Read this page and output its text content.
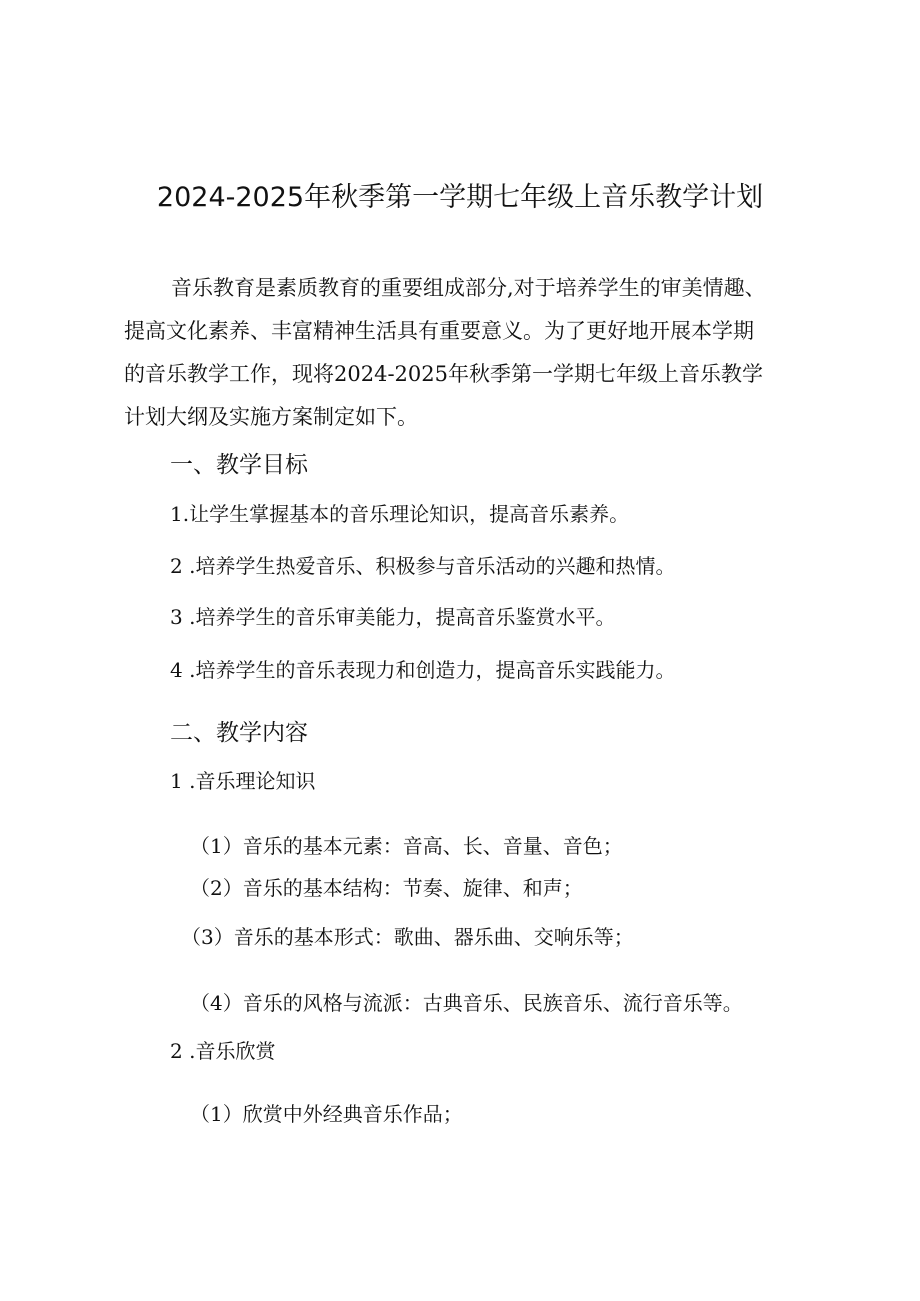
2024-2025年秋季第一学期七年级上音乐教学计划
音乐教育是素质教育的重要组成部分,对于培养学生的审美情趣、
提高文化素养、丰富精神生活具有重要意义。为了更好地开展本学期
的音乐教学工作，现将2024-2025年秋季第一学期七年级上音乐教学
计划大纲及实施方案制定如下。
一、教学目标
1.让学生掌握基本的音乐理论知识，提高音乐素养。
2 .培养学生热爱音乐、积极参与音乐活动的兴趣和热情。
3 .培养学生的音乐审美能力，提高音乐鉴赏水平。
4 .培养学生的音乐表现力和创造力，提高音乐实践能力。
二、教学内容
1 .音乐理论知识
（1）音乐的基本元素：音高、长、音量、音色；
（2）音乐的基本结构：节奏、旋律、和声；
（3）音乐的基本形式：歌曲、器乐曲、交响乐等；
（4）音乐的风格与流派：古典音乐、民族音乐、流行音乐等。
2 .音乐欣赏
（1）欣赏中外经典音乐作品；
